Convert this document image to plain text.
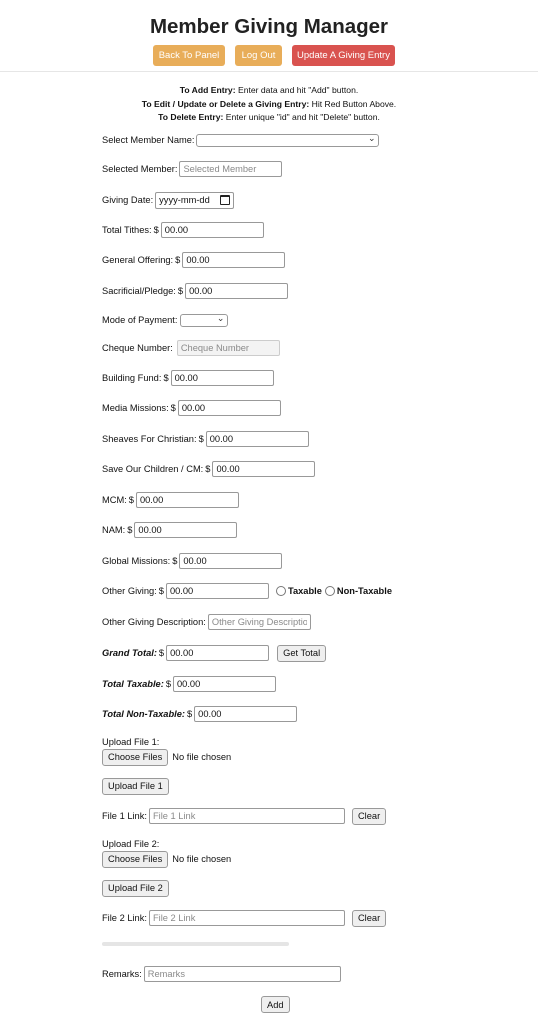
Member Giving Manager
Back To Panel	Log Out	Update A Giving Entry
To Add Entry: Enter data and hit "Add" button.
To Edit / Update or Delete a Giving Entry: Hit Red Button Above.
To Delete Entry: Enter unique "id" and hit "Delete" button.
Select Member Name:	⌄
Selected Member:
Selected Member
Giving Date: yyyy-mm-dd
Total Tithes: $
00.00
General Offering: $
00.00
Sacrificial/Pledge: $
00.00
Mode of Payment:	⌄
Cheque Number:
Cheque Number
Building Fund: $
00.00
Media Missions: $
00.00
Sheaves For Christian: $
00.00
Save Our Children / CM: $
00.00
MCM: $
00.00
NAM: $
00.00
Global Missions: $
00.00
Other Giving: $
00.00	Taxable Non-Taxable
Other Giving Description:
Other Giving Description
Grand Total: $
00.00	Get Total
Total Taxable: $
00.00
Total Non-Taxable: $
00.00
Upload File 1:
Choose Files	No file chosen
Upload File 1
File 1 Link:
File 1 Link	Clear
Upload File 2:
Choose Files	No file chosen
Upload File 2
File 2 Link:
File 2 Link	Clear
Remarks:
Remarks
Add
